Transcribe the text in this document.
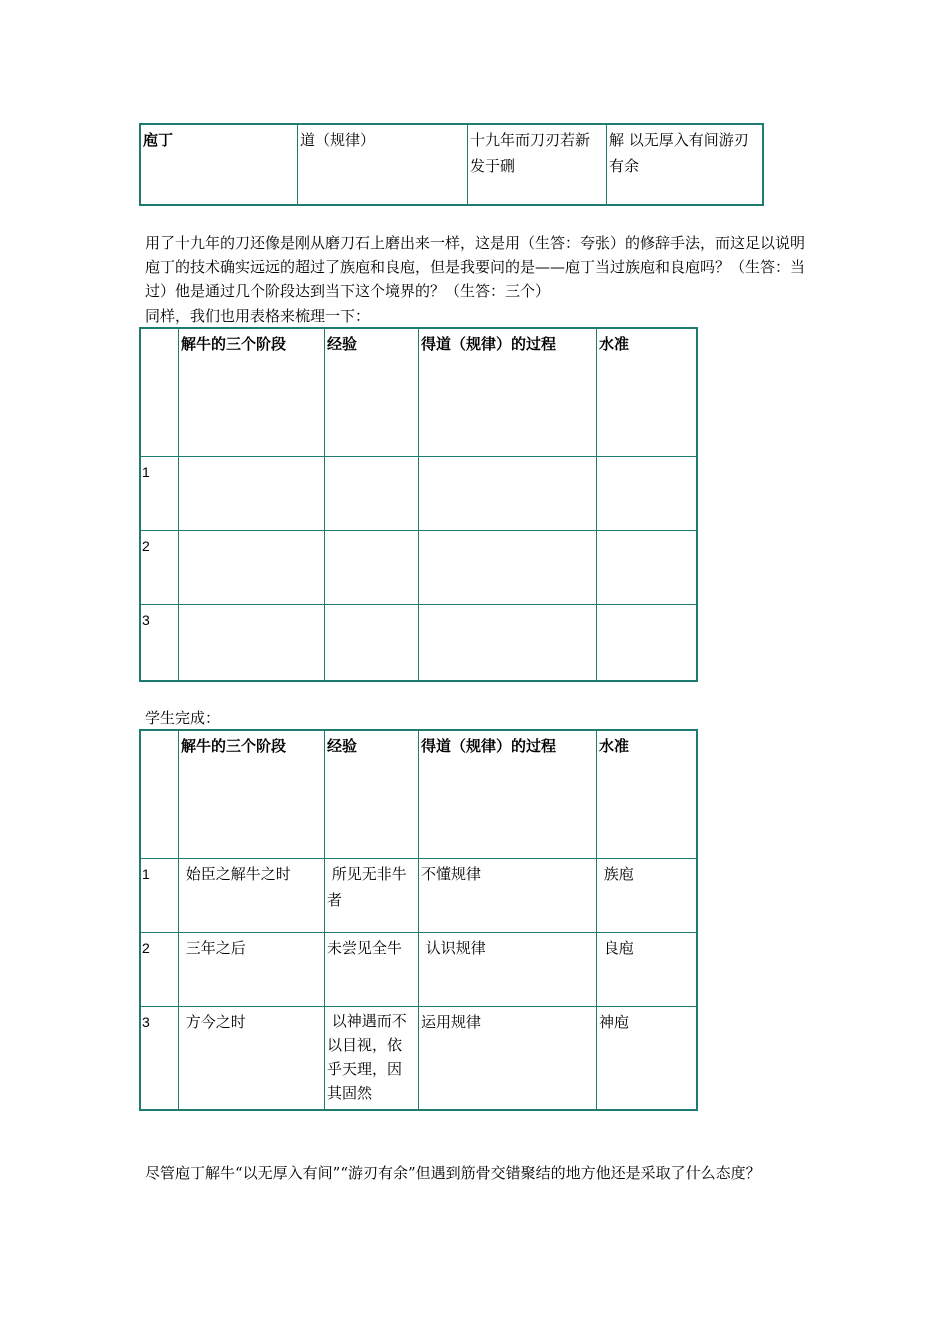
庖丁	道（规律）	十九年而刀刃若新发于硎	解 以无厚入有间游刃有余
用了十九年的刀还像是刚从磨刀石上磨出来一样，这是用（生答：夸张）的修辞手法，而这足以说明庖丁的技术确实远远的超过了族庖和良庖，但是我要问的是——庖丁当过族庖和良庖吗？（生答：当过）他是通过几个阶段达到当下这个境界的？（生答：三个）
同样，我们也用表格来梳理一下：
	解牛的三个阶段	经验	得道（规律）的过程	水准
1				
2				
3				
学生完成：
	解牛的三个阶段	经验	得道（规律）的过程	水准
1	始臣之解牛之时	所见无非牛者	不懂规律	族庖
2	三年之后	未尝见全牛	认识规律	良庖
3	方今之时	以神遇而不以目视，依乎天理，因其固然	运用规律	神庖
尽管庖丁解牛“以无厚入有间”“游刃有余”但遇到筋骨交错聚结的地方他还是采取了什么态度？
